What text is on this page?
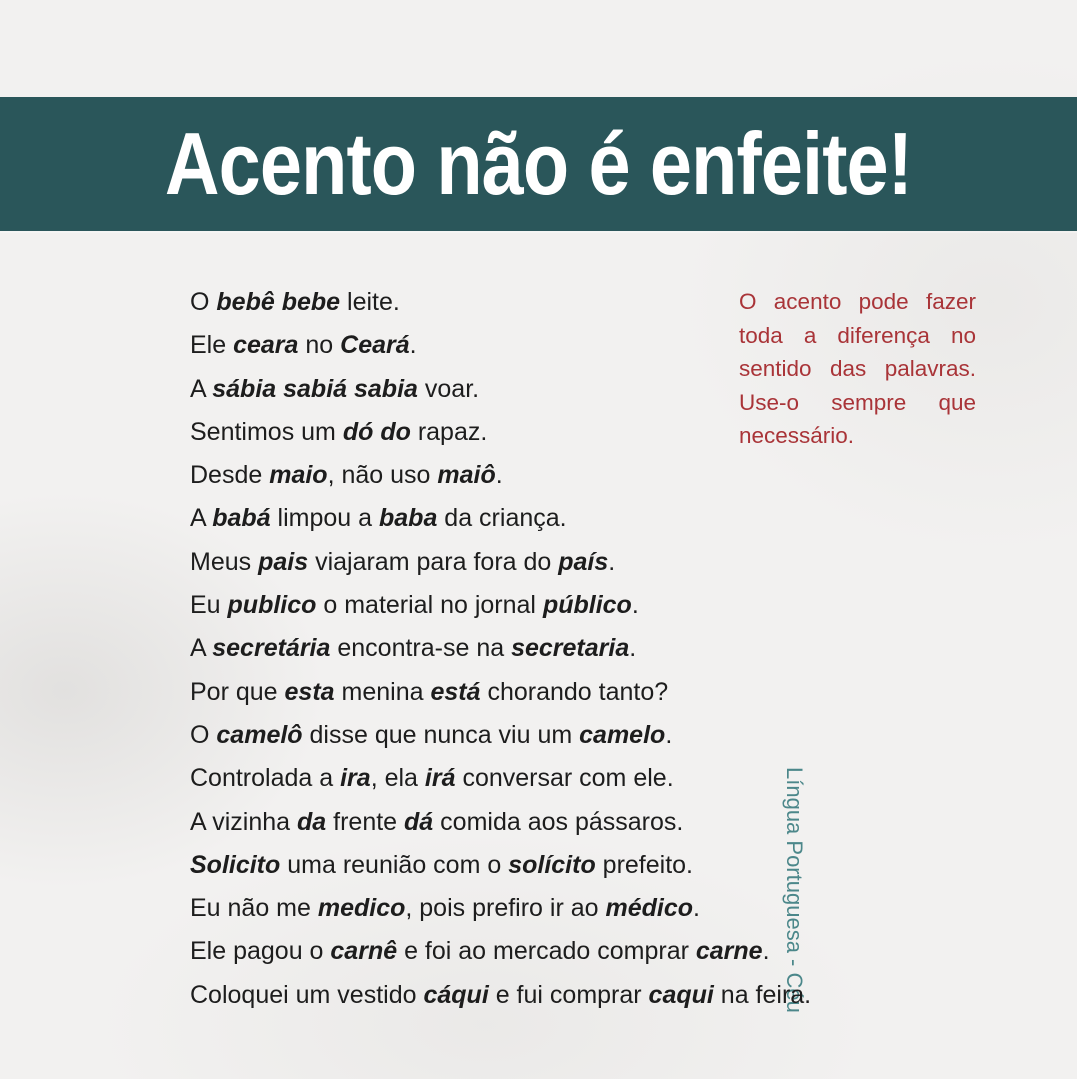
Língua Portuguesa - Céu
Acento não é enfeite!
O bebê bebe leite.
Ele ceara no Ceará.
A sábia sabiá sabia voar.
Sentimos um dó do rapaz.
Desde maio, não uso maiô.
A babá limpou a baba da criança.
Meus pais viajaram para fora do país.
Eu publico o material no jornal público.
A secretária encontra-se na secretaria.
Por que esta menina está chorando tanto?
O camelô disse que nunca viu um camelo.
Controlada a ira, ela irá conversar com ele.
A vizinha da frente dá comida aos pássaros.
Solicito uma reunião com o solícito prefeito.
Eu não me medico, pois prefiro ir ao médico.
Ele pagou o carnê e foi ao mercado comprar carne.
Coloquei um vestido cáqui e fui comprar caqui na feira.
O acento pode fazer toda a diferença no sentido das palavras. Use-o sempre que necessário.
